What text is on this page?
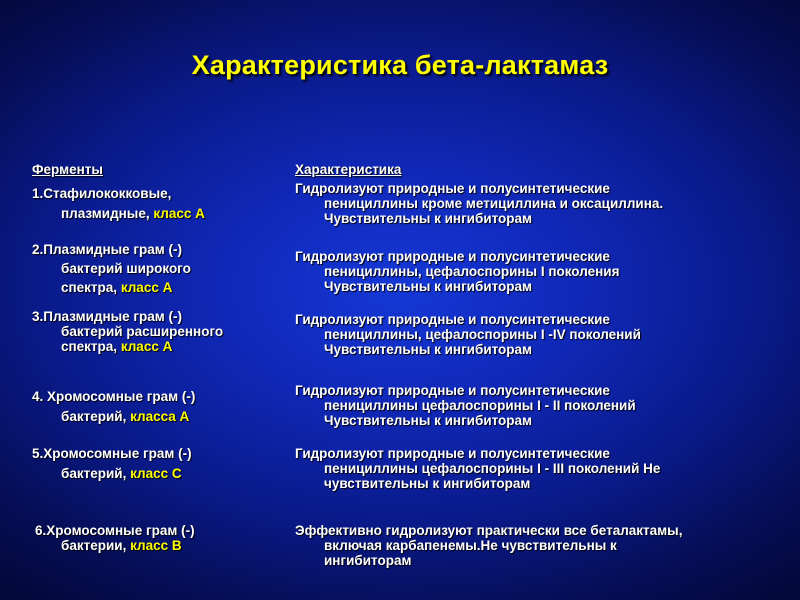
Характеристика бета-лактамаз
Ферменты	Характеристика
1.Стафилококковые,
плазмидные, класс А
Гидролизуют природные и полусинтетические
пенициллины кроме метициллина и оксациллина.
Чувствительны к ингибиторам
2.Плазмидные грам (-)
бактерий широкого
спектра, класс А
Гидролизуют природные и полусинтетические
пенициллины, цефалоспорины I поколения
Чувствительны к ингибиторам
3.Плазмидные грам (-)
бактерий расширенного
спектра, класс А
Гидролизуют природные и полусинтетические
пенициллины, цефалоспорины I -IV поколений
Чувствительны к ингибиторам
4. Хромосомные грам (-)
бактерий, класса А
Гидролизуют природные и полусинтетические
пенициллины цефалоспорины I - II поколений
Чувствительны к ингибиторам
5.Хромосомные грам (-)
бактерий, класс С
Гидролизуют природные и полусинтетические
пенициллины цефалоспорины I - III поколений Не
чувствительны к ингибиторам
6.Хромосомные грам (-)
бактерии, класс В
Эффективно гидролизуют практически все беталактамы,
включая карбапенемы.Не чувствительны к
ингибиторам
